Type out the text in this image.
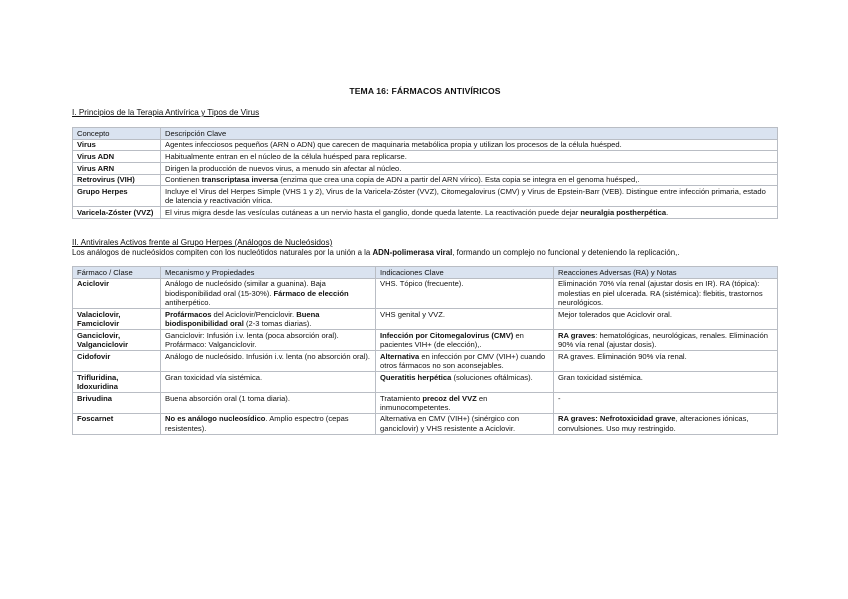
TEMA 16: FÁRMACOS ANTIVÍRICOS
I. Principios de la Terapia Antivírica y Tipos de Virus
Concepto	Descripción Clave
Virus	Agentes infecciosos pequeños (ARN o ADN) que carecen de maquinaria metabólica propia y utilizan los procesos de la célula huésped.
Virus ADN	Habitualmente entran en el núcleo de la célula huésped para replicarse.
Virus ARN	Dirigen la producción de nuevos virus, a menudo sin afectar al núcleo.
Retrovirus (VIH)	Contienen transcriptasa inversa (enzima que crea una copia de ADN a partir del ARN vírico). Esta copia se integra en el genoma huésped,.
Grupo Herpes	Incluye el Virus del Herpes Simple (VHS 1 y 2), Virus de la Varicela-Zóster (VVZ), Citomegalovirus (CMV) y Virus de Epstein-Barr (VEB). Distingue entre infección primaria, estado de latencia y reactivación vírica.
Varicela-Zóster (VVZ)	El virus migra desde las vesículas cutáneas a un nervio hasta el ganglio, donde queda latente. La reactivación puede dejar neuralgia postherpética.
II. Antivirales Activos frente al Grupo Herpes (Análogos de Nucleósidos)
Los análogos de nucleósidos compiten con los nucleótidos naturales por la unión a la ADN-polimerasa viral, formando un complejo no funcional y deteniendo la replicación,.
Fármaco / Clase	Mecanismo y Propiedades	Indicaciones Clave	Reacciones Adversas (RA) y Notas
Aciclovir	Análogo de nucleósido (similar a guanina). Baja biodisponibilidad oral (15-30%). Fármaco de elección antiherpético.	VHS. Tópico (frecuente).	Eliminación 70% vía renal (ajustar dosis en IR). RA (tópica): molestias en piel ulcerada. RA (sistémica): flebitis, trastornos neurológicos.
Valaciclovir, Famciclovir	Profármacos del Aciclovir/Penciclovir. Buena biodisponibilidad oral (2-3 tomas diarias).	VHS genital y VVZ.	Mejor tolerados que Aciclovir oral.
Ganciclovir, Valganciclovir	Ganciclovir: Infusión i.v. lenta (poca absorción oral). Profármaco: Valganciclovir.	Infección por Citomegalovirus (CMV) en pacientes VIH+ (de elección),.	RA graves: hematológicas, neurológicas, renales. Eliminación 90% vía renal (ajustar dosis).
Cidofovir	Análogo de nucleósido. Infusión i.v. lenta (no absorción oral).	Alternativa en infección por CMV (VIH+) cuando otros fármacos no son aconsejables.	RA graves. Eliminación 90% vía renal.
Trifluridina, Idoxuridina	Gran toxicidad vía sistémica.	Queratitis herpética (soluciones oftálmicas).	Gran toxicidad sistémica.
Brivudina	Buena absorción oral (1 toma diaria).	Tratamiento precoz del VVZ en inmunocompetentes.	-
Foscarnet	No es análogo nucleosídico. Amplio espectro (cepas resistentes).	Alternativa en CMV (VIH+) (sinérgico con ganciclovir) y VHS resistente a Aciclovir.	RA graves: Nefrotoxicidad grave, alteraciones iónicas, convulsiones. Uso muy restringido.
